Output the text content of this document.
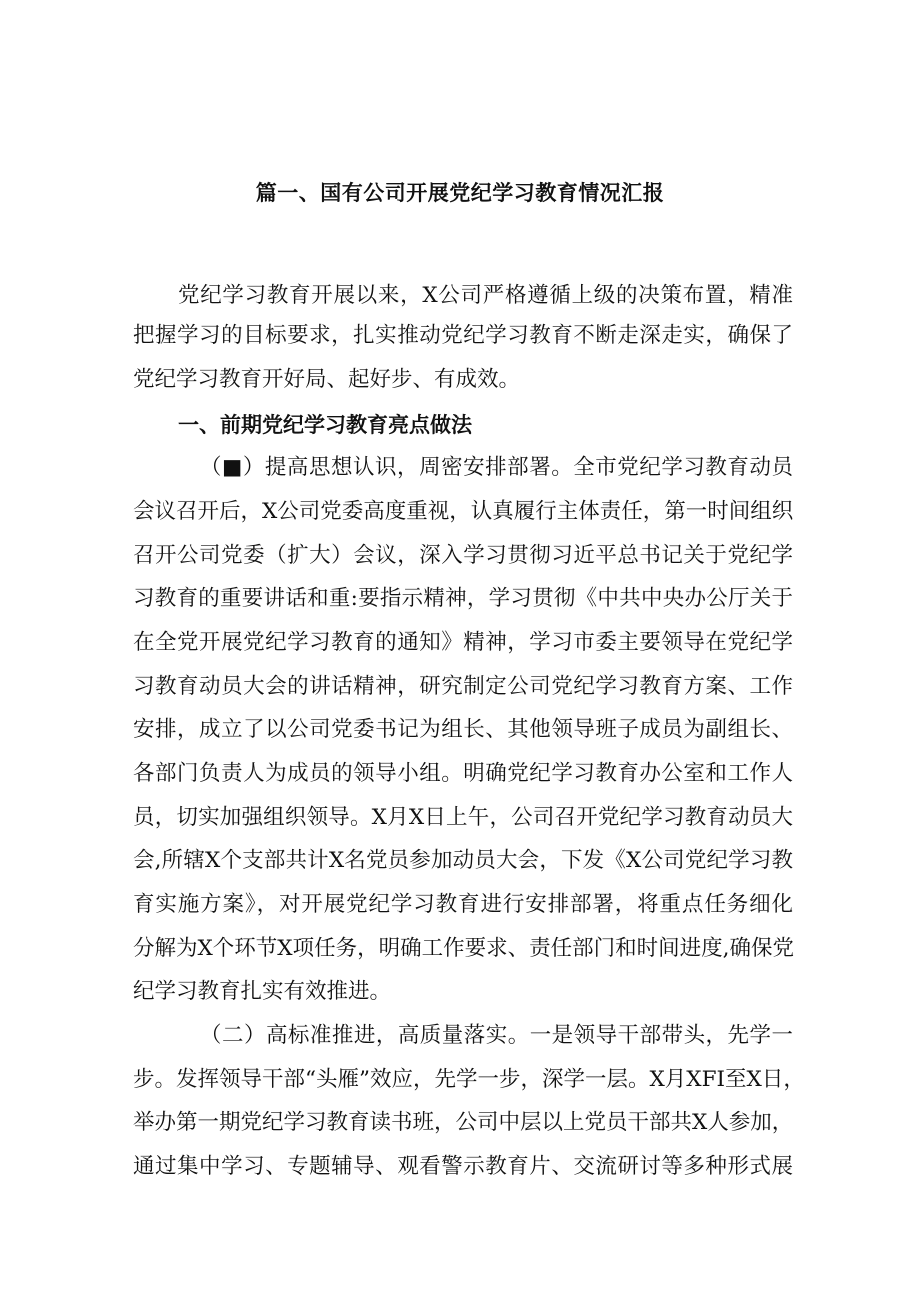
篇一、国有公司开展党纪学习教育情况汇报
党纪学习教育开展以来，X公司严格遵循上级的决策布置，精准
把握学习的目标要求，扎实推动党纪学习教育不断走深走实，确保了
党纪学习教育开好局、起好步、有成效。
一、前期党纪学习教育亮点做法
（■）提高思想认识，周密安排部署。全市党纪学习教育动员
会议召开后，X公司党委高度重视，认真履行主体责任，第一时间组织
召开公司党委（扩大）会议，深入学习贯彻习近平总书记关于党纪学
习教育的重要讲话和重:要指示精神，学习贯彻《中共中央办公厅关于
在全党开展党纪学习教育的通知》精神，学习市委主要领导在党纪学
习教育动员大会的讲话精神，研究制定公司党纪学习教育方案、工作
安排，成立了以公司党委书记为组长、其他领导班子成员为副组长、
各部门负责人为成员的领导小组。明确党纪学习教育办公室和工作人
员，切实加强组织领导。X月X日上午，公司召开党纪学习教育动员大
会,所辖X个支部共计X名党员参加动员大会，下发《X公司党纪学习教
育实施方案》，对开展党纪学习教育进行安排部署，将重点任务细化
分解为X个环节X项任务，明确工作要求、责任部门和时间进度,确保党
纪学习教育扎实有效推进。
（二）高标准推进，高质量落实。一是领导干部带头，先学一
步。发挥领导干部“头雁”效应，先学一步，深学一层。X月XFI至X日，
举办第一期党纪学习教育读书班，公司中层以上党员干部共X人参加，
通过集中学习、专题辅导、观看警示教育片、交流研讨等多种形式展
